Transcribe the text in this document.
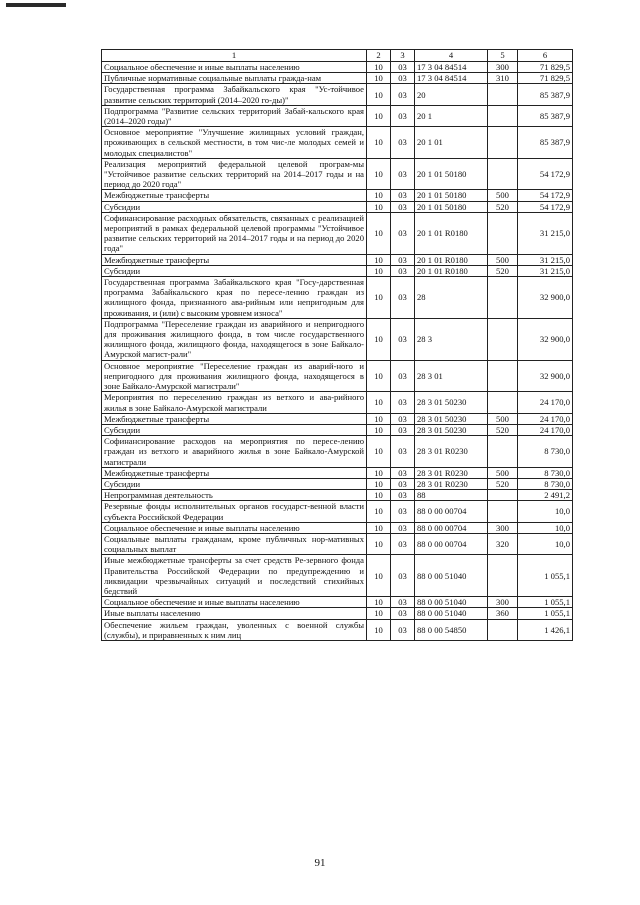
1	2	3	4	5	6
Социальное обеспечение и иные выплаты населению	10	03	17 3 04 84514	300	71 829,5
Публичные нормативные социальные выплаты гражда-нам	10	03	17 3 04 84514	310	71 829,5
Государственная программа Забайкальского края "Ус-тойчивое развитие сельских территорий (2014–2020 го-ды)"	10	03	20		85 387,9
Подпрограмма "Развитие сельских территорий Забай-кальского края (2014–2020 годы)"	10	03	20 1		85 387,9
Основное мероприятие "Улучшение жилищных условий граждан, проживающих в сельской местности, в том чис-ле молодых семей и молодых специалистов"	10	03	20 1 01		85 387,9
Реализация мероприятий федеральной целевой програм-мы "Устойчивое развитие сельских территорий на 2014–2017 годы и на период до 2020 года"	10	03	20 1 01 50180		54 172,9
Межбюджетные трансферты	10	03	20 1 01 50180	500	54 172,9
Субсидии	10	03	20 1 01 50180	520	54 172,9
Софинансирование расходных обязательств, связанных с реализацией мероприятий в рамках федеральной целевой программы "Устойчивое развитие сельских территорий на 2014–2017 годы и на период до 2020 года"	10	03	20 1 01 R0180		31 215,0
Межбюджетные трансферты	10	03	20 1 01 R0180	500	31 215,0
Субсидии	10	03	20 1 01 R0180	520	31 215,0
Государственная программа Забайкальского края "Госу-дарственная программа Забайкальского края по пересе-лению граждан из жилищного фонда, признанного ава-рийным или непригодным для проживания, и (или) с высоким уровнем износа"	10	03	28		32 900,0
Подпрограмма "Переселение граждан из аварийного и непригодного для проживания жилищного фонда, в том числе государственного жилищного фонда, жилищного фонда, находящегося в зоне Байкало-Амурской магист-рали"	10	03	28 3		32 900,0
Основное мероприятие "Переселение граждан из аварий-ного и непригодного для проживания жилищного фонда, находящегося в зоне Байкало-Амурской магистрали"	10	03	28 3 01		32 900,0
Мероприятия по переселению граждан из ветхого и ава-рийного жилья в зоне Байкало-Амурской магистрали	10	03	28 3 01 50230		24 170,0
Межбюджетные трансферты	10	03	28 3 01 50230	500	24 170,0
Субсидии	10	03	28 3 01 50230	520	24 170,0
Софинансирование расходов на мероприятия по пересе-лению граждан из ветхого и аварийного жилья в зоне Байкало-Амурской магистрали	10	03	28 3 01 R0230		8 730,0
Межбюджетные трансферты	10	03	28 3 01 R0230	500	8 730,0
Субсидии	10	03	28 3 01 R0230	520	8 730,0
Непрограммная деятельность	10	03	88		2 491,2
Резервные фонды исполнительных органов государст-венной власти субъекта Российской Федерации	10	03	88 0 00 00704		10,0
Социальное обеспечение и иные выплаты населению	10	03	88 0 00 00704	300	10,0
Социальные выплаты гражданам, кроме публичных нор-мативных социальных выплат	10	03	88 0 00 00704	320	10,0
Иные межбюджетные трансферты за счет средств Ре-зервного фонда Правительства Российской Федерации по предупреждению и ликвидации чрезвычайных ситуаций и последствий стихийных бедствий	10	03	88 0 00 51040		1 055,1
Социальное обеспечение и иные выплаты населению	10	03	88 0 00 51040	300	1 055,1
Иные выплаты населению	10	03	88 0 00 51040	360	1 055,1
Обеспечение жильем граждан, уволенных с военной службы (службы), и приравненных к ним лиц	10	03	88 0 00 54850		1 426,1
91
